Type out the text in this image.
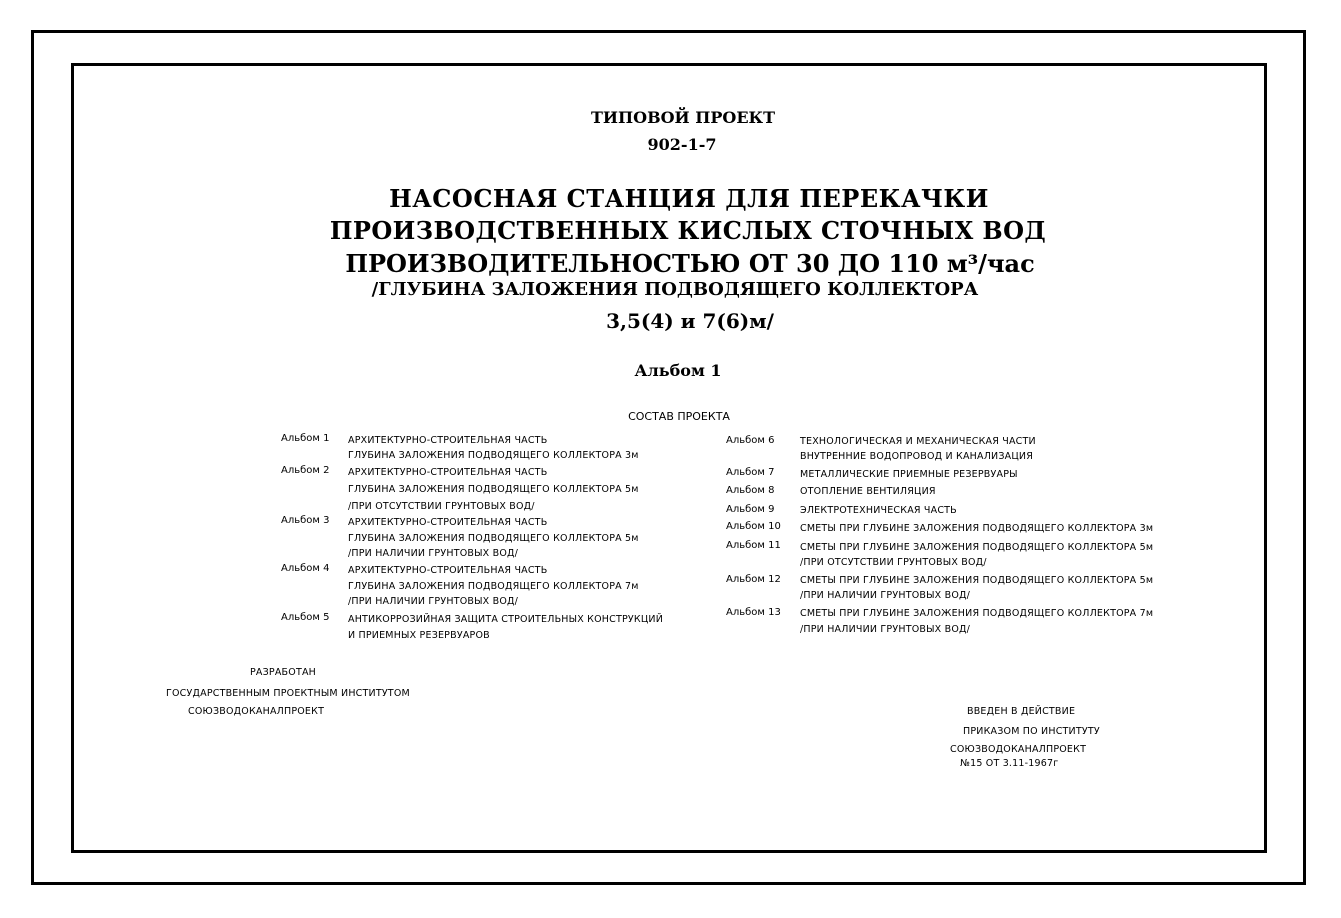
ТИПОВОЙ ПРОЕКТ
902-1-7
НАСОСНАЯ СТАНЦИЯ ДЛЯ ПЕРЕКАЧКИ
ПРОИЗВОДСТВЕННЫХ КИСЛЫХ СТОЧНЫХ ВОД
ПРОИЗВОДИТЕЛЬНОСТЬЮ ОТ 30 ДО 110 м³/час
/ГЛУБИНА ЗАЛОЖЕНИЯ ПОДВОДЯЩЕГО КОЛЛЕКТОРА
3,5(4) и 7(6)м/
Альбом 1
СОСТАВ ПРОЕКТА
Альбом 1 АРХИТЕКТУРНО-СТРОИТЕЛЬНАЯ ЧАСТЬ
ГЛУБИНА ЗАЛОЖЕНИЯ ПОДВОДЯЩЕГО КОЛЛЕКТОРА 3м
Альбом 2 АРХИТЕКТУРНО-СТРОИТЕЛЬНАЯ ЧАСТЬ
ГЛУБИНА ЗАЛОЖЕНИЯ ПОДВОДЯЩЕГО КОЛЛЕКТОРА 5м
/ПРИ ОТСУТСТВИИ ГРУНТОВЫХ ВОД/
Альбом 3 АРХИТЕКТУРНО-СТРОИТЕЛЬНАЯ ЧАСТЬ
ГЛУБИНА ЗАЛОЖЕНИЯ ПОДВОДЯЩЕГО КОЛЛЕКТОРА 5м
/ПРИ НАЛИЧИИ ГРУНТОВЫХ ВОД/
Альбом 4 АРХИТЕКТУРНО-СТРОИТЕЛЬНАЯ ЧАСТЬ
ГЛУБИНА ЗАЛОЖЕНИЯ ПОДВОДЯЩЕГО КОЛЛЕКТОРА 7м
/ПРИ НАЛИЧИИ ГРУНТОВЫХ ВОД/
Альбом 5 АНТИКОРРОЗИЙНАЯ ЗАЩИТА СТРОИТЕЛЬНЫХ КОНСТРУКЦИЙ
И ПРИЕМНЫХ РЕЗЕРВУАРОВ
Альбом 6	ТЕХНОЛОГИЧЕСКАЯ И МЕХАНИЧЕСКАЯ ЧАСТИ
ВНУТРЕННИЕ ВОДОПРОВОД И КАНАЛИЗАЦИЯ
Альбом 7	МЕТАЛЛИЧЕСКИЕ ПРИЕМНЫЕ РЕЗЕРВУАРЫ
Альбом 8	ОТОПЛЕНИЕ ВЕНТИЛЯЦИЯ
Альбом 9	ЭЛЕКТРОТЕХНИЧЕСКАЯ ЧАСТЬ
Альбом 10 СМЕТЫ ПРИ ГЛУБИНЕ ЗАЛОЖЕНИЯ ПОДВОДЯЩЕГО КОЛЛЕКТОРА 3м
Альбом 11 СМЕТЫ ПРИ ГЛУБИНЕ ЗАЛОЖЕНИЯ ПОДВОДЯЩЕГО КОЛЛЕКТОРА 5м
/ПРИ ОТСУТСТВИИ ГРУНТОВЫХ ВОД/
Альбом 12 СМЕТЫ ПРИ ГЛУБИНЕ ЗАЛОЖЕНИЯ ПОДВОДЯЩЕГО КОЛЛЕКТОРА 5м
/ПРИ НАЛИЧИИ ГРУНТОВЫХ ВОД/
Альбом 13 СМЕТЫ ПРИ ГЛУБИНЕ ЗАЛОЖЕНИЯ ПОДВОДЯЩЕГО КОЛЛЕКТОРА 7м
/ПРИ НАЛИЧИИ ГРУНТОВЫХ ВОД/
РАЗРАБОТАН
ГОСУДАРСТВЕННЫМ ПРОЕКТНЫМ ИНСТИТУТОМ
СОЮЗВОДОКАНАЛПРОЕКТ	ВВЕДЕН В ДЕЙСТВИЕ
ПРИКАЗОМ ПО ИНСТИТУТУ
СОЮЗВОДОКАНАЛПРОЕКТ
№15 ОТ 3.11-1967г
